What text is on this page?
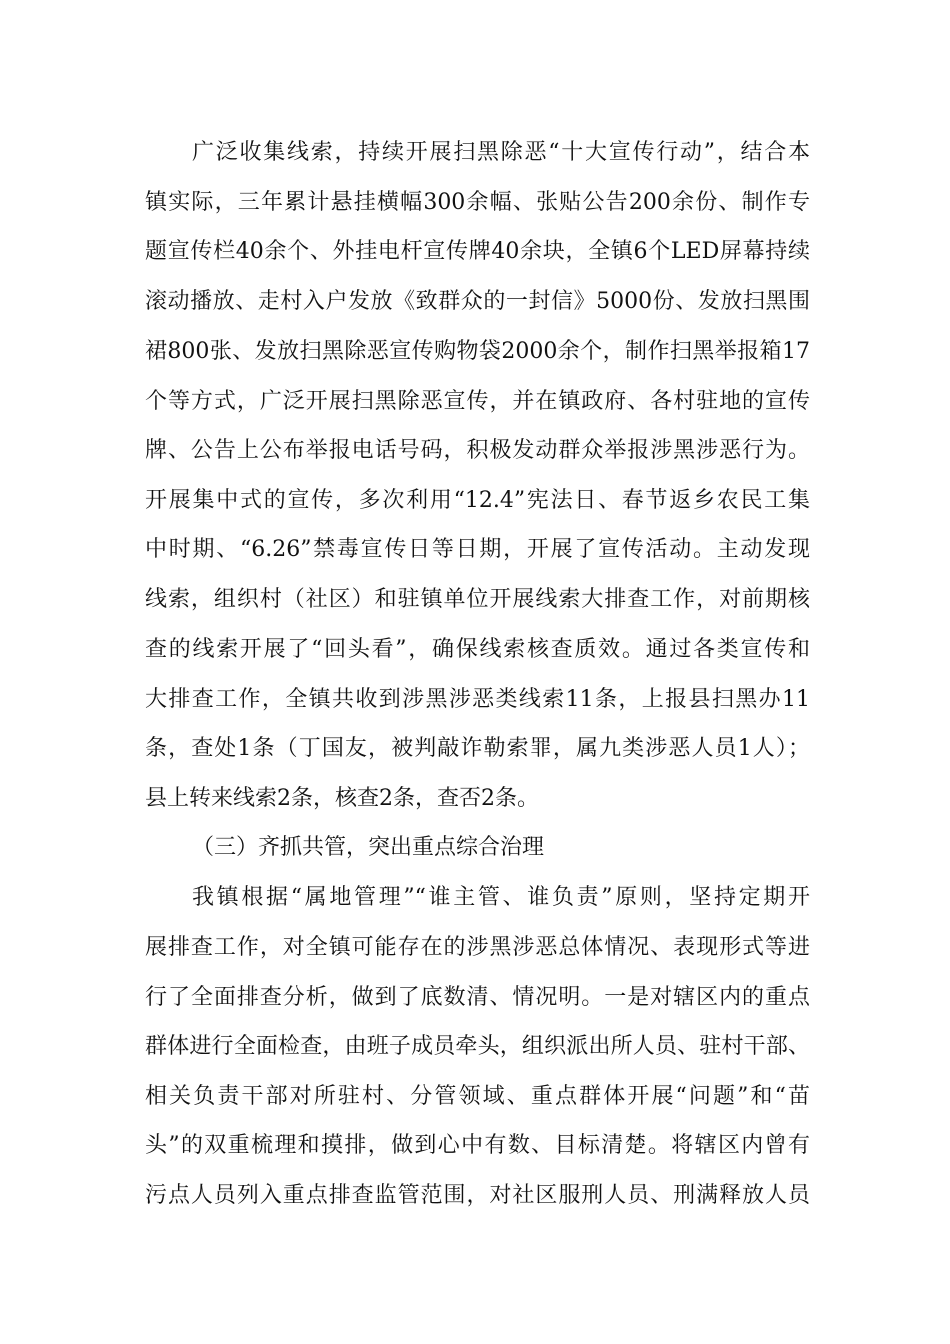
广泛收集线索，持续开展扫黑除恶“十大宣传行动”，结合本
镇实际，三年累计悬挂横幅300余幅、张贴公告200余份、制作专
题宣传栏40余个、外挂电杆宣传牌40余块，全镇6个LED屏幕持续
滚动播放、走村入户发放《致群众的一封信》5000份、发放扫黑围
裙800张、发放扫黑除恶宣传购物袋2000余个，制作扫黑举报箱17
个等方式，广泛开展扫黑除恶宣传，并在镇政府、各村驻地的宣传
牌、公告上公布举报电话号码，积极发动群众举报涉黑涉恶行为。
开展集中式的宣传，多次利用“12.4”宪法日、春节返乡农民工集
中时期、“6.26”禁毒宣传日等日期，开展了宣传活动。主动发现
线索，组织村（社区）和驻镇单位开展线索大排查工作，对前期核
查的线索开展了“回头看”，确保线索核查质效。通过各类宣传和
大排查工作，全镇共收到涉黑涉恶类线索11条，上报县扫黑办11
条，查处1条（丁国友，被判敲诈勒索罪，属九类涉恶人员1人）；
县上转来线索2条，核查2条，查否2条。
（三）齐抓共管，突出重点综合治理
我镇根据“属地管理”“谁主管、谁负责”原则，坚持定期开
展排查工作，对全镇可能存在的涉黑涉恶总体情况、表现形式等进
行了全面排查分析，做到了底数清、情况明。一是对辖区内的重点
群体进行全面检查，由班子成员牵头，组织派出所人员、驻村干部、
相关负责干部对所驻村、分管领域、重点群体开展“问题”和“苗
头”的双重梳理和摸排，做到心中有数、目标清楚。将辖区内曾有
污点人员列入重点排查监管范围，对社区服刑人员、刑满释放人员
